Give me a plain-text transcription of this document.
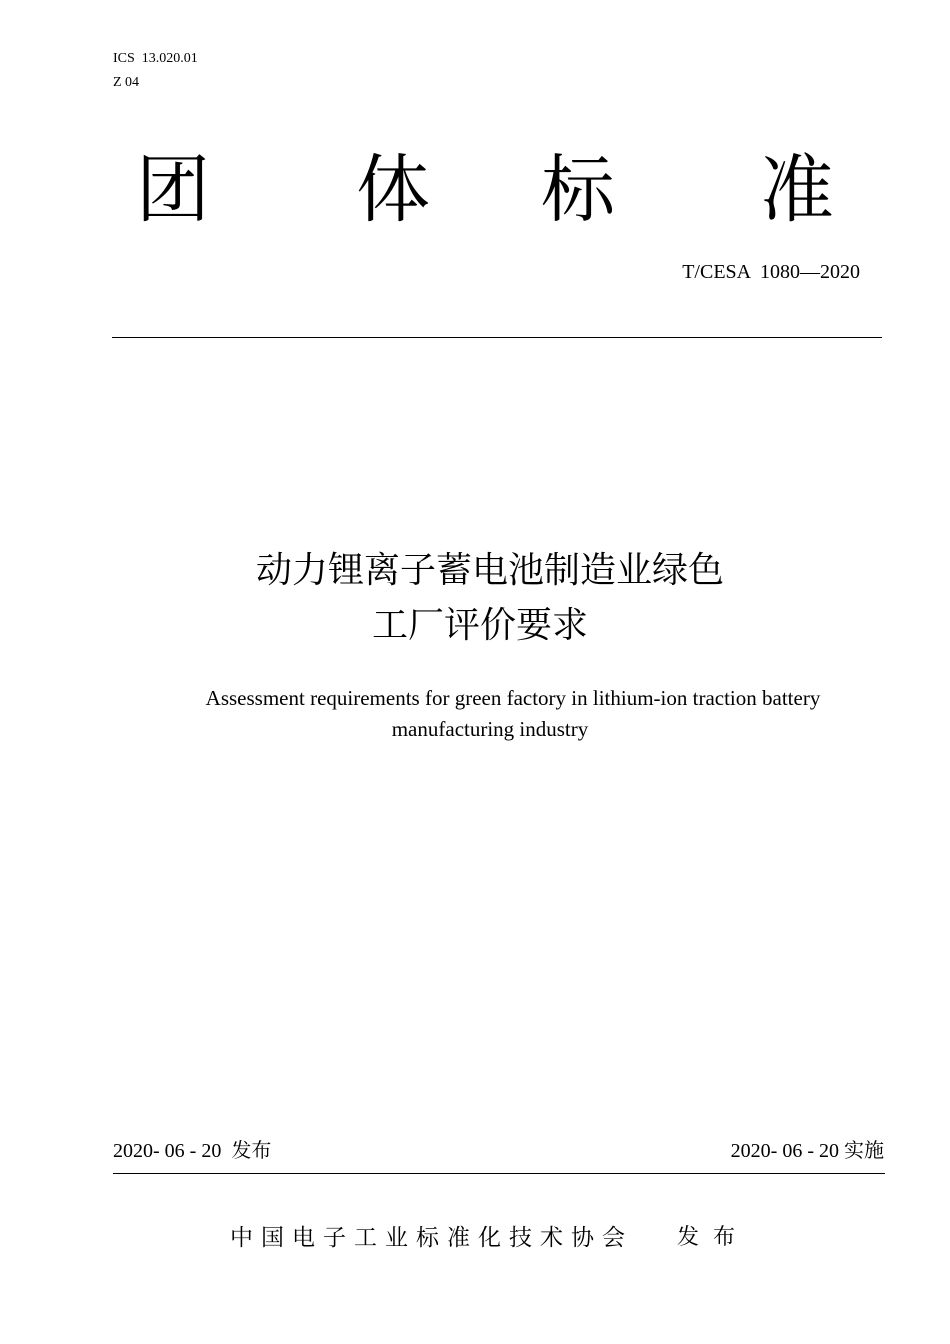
ICS  13.020.01
Z 04
团 体 标 准
T/CESA  1080—2020
动力锂离子蓄电池制造业绿色
工厂评价要求
Assessment requirements for green factory in lithium-ion traction battery
manufacturing industry
2020- 06 - 20  发布	2020- 06 - 20 实施
中国电子工业标准化技术协会 发布
